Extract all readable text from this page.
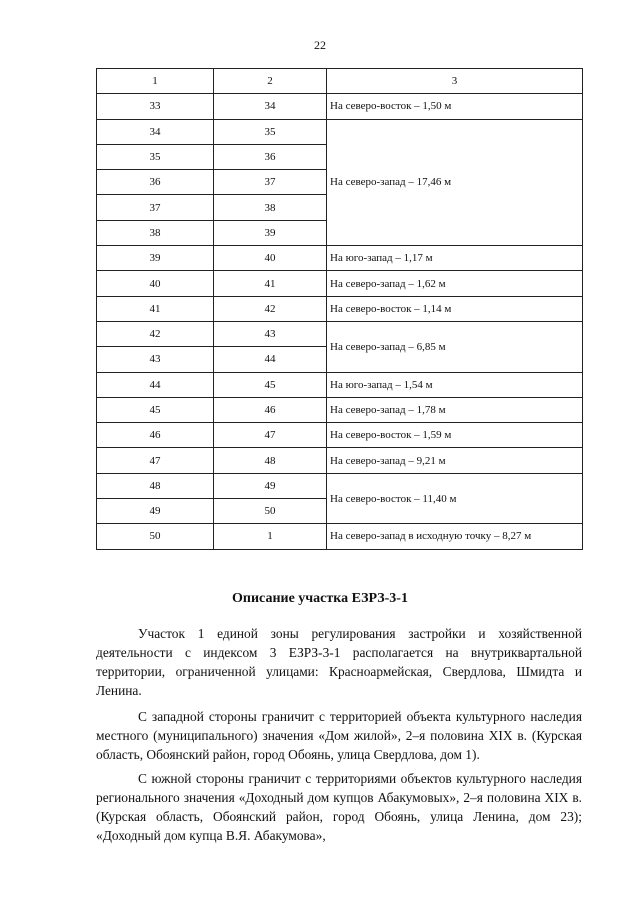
22
1	2	3
33	34	На северо-восток – 1,50 м
34	35	На северо-запад – 17,46 м
35	36	
36	37	
37	38	
38	39	
39	40	На юго-запад – 1,17 м
40	41	На северо-запад – 1,62 м
41	42	На северо-восток – 1,14 м
42	43	На северо-запад – 6,85 м
43	44	
44	45	На юго-запад – 1,54 м
45	46	На северо-запад – 1,78 м
46	47	На северо-восток – 1,59 м
47	48	На северо-запад – 9,21 м
48	49	На северо-восток – 11,40 м
49	50	
50	1	На северо-запад в исходную точку – 8,27 м
Описание участка ЕЗРЗ-3-1

Участок 1 единой зоны регулирования застройки и хозяйственной деятельности с индексом 3 ЕЗРЗ-3-1 располагается на внутриквартальной территории, ограниченной улицами: Красноармейская, Свердлова, Шмидта и Ленина.

С западной стороны граничит с территорией объекта культурного наследия местного (муниципального) значения «Дом жилой», 2–я половина XIX в. (Курская область, Обоянский район, город Обоянь, улица Свердлова, дом 1).

С южной стороны граничит с территориями объектов культурного наследия регионального значения «Доходный дом купцов Абакумовых», 2–я половина XIX в. (Курская область, Обоянский район, город Обоянь, улица Ленина, дом 23); «Доходный дом купца В.Я. Абакумова»,
